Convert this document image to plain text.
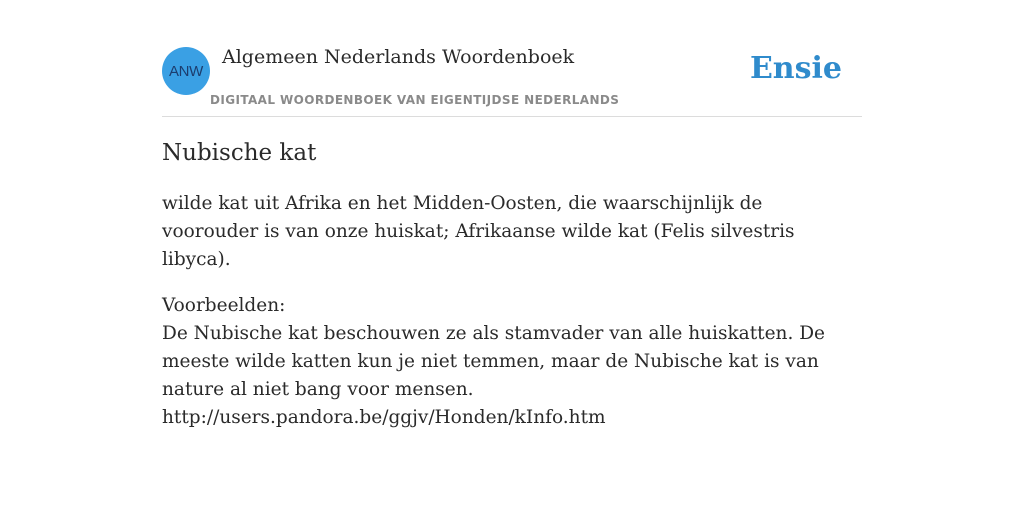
ANW
Algemeen Nederlands Woordenboek
DIGITAAL WOORDENBOEK VAN EIGENTIJDSE NEDERLANDS
Ensie
Nubische kat

wilde kat uit Afrika en het Midden-Oosten, die waarschijnlijk de voorouder is van onze huiskat; Afrikaanse wilde kat (Felis silvestris libyca).

Voorbeelden:
De Nubische kat beschouwen ze als stamvader van alle huiskatten. De meeste wilde katten kun je niet temmen, maar de Nubische kat is van nature al niet bang voor mensen.
http://users.pandora.be/ggjv/Honden/kInfo.htm
